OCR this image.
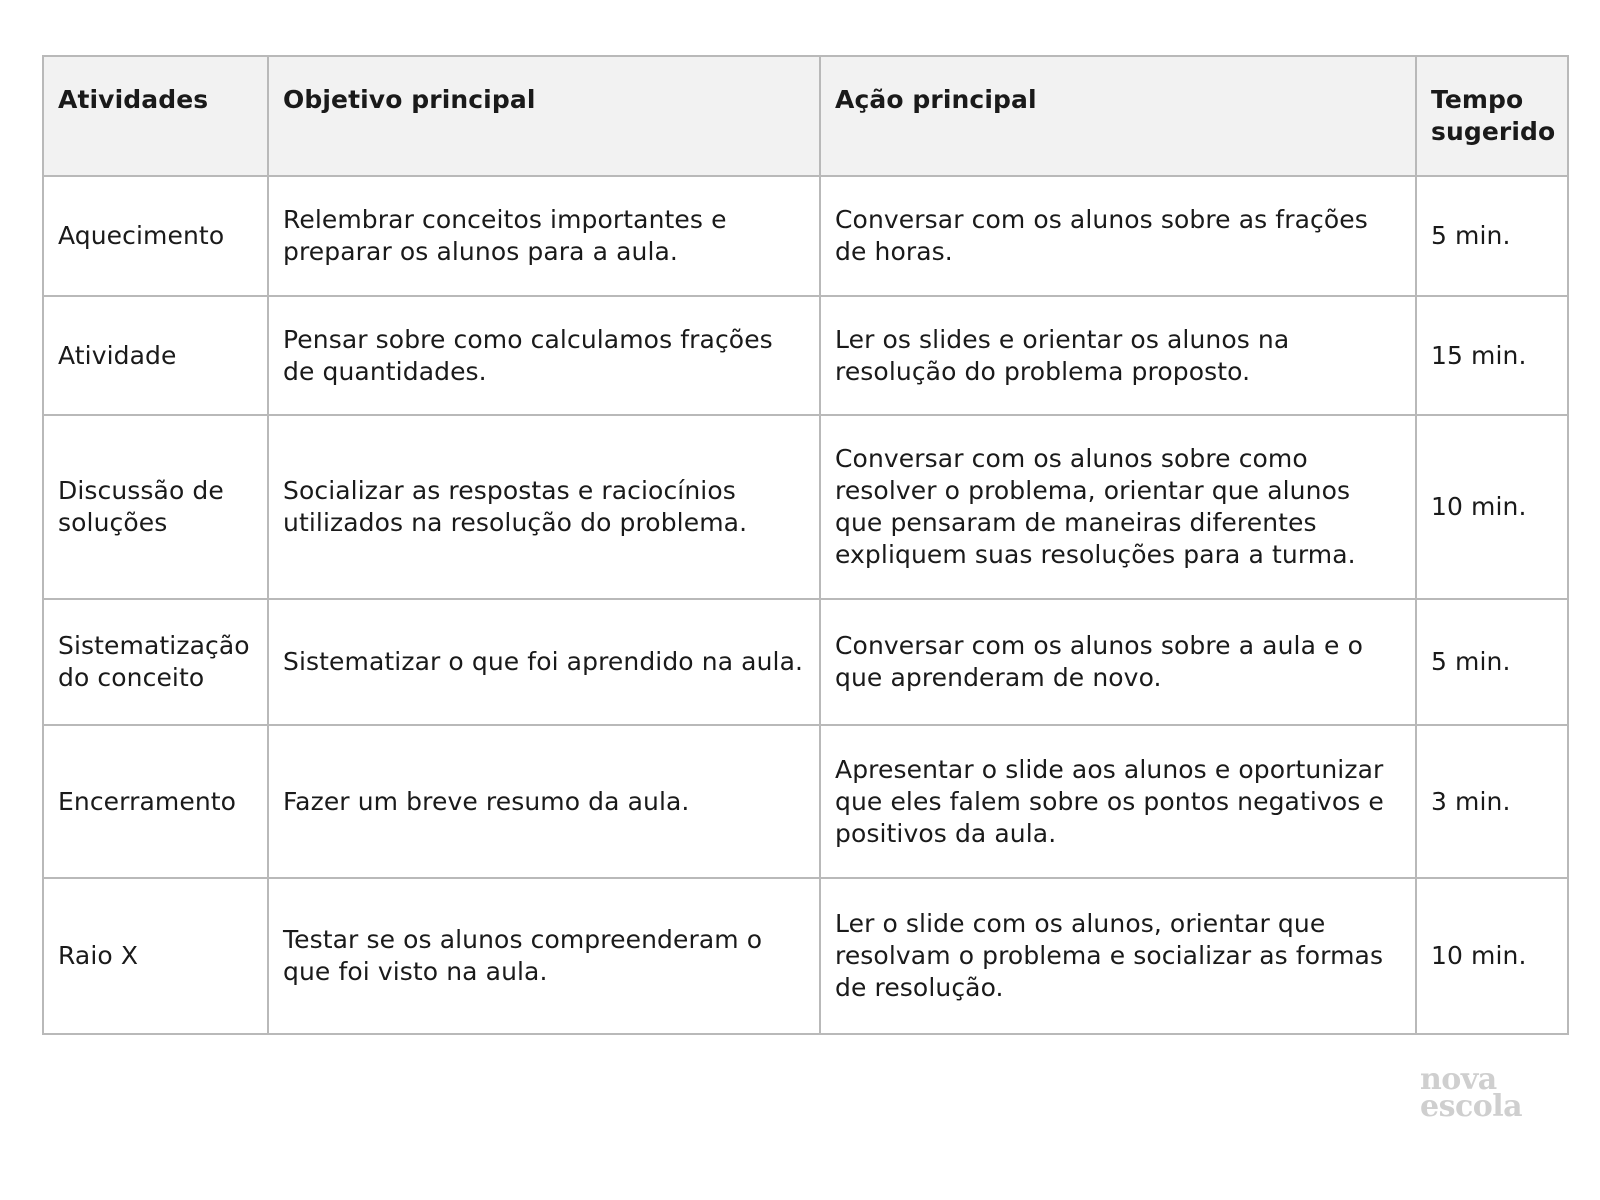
Atividades	Objetivo principal	Ação principal	Tempo sugerido
Aquecimento	Relembrar conceitos importantes e preparar os alunos para a aula.	Conversar com os alunos sobre as frações de horas.	5 min.
Atividade	Pensar sobre como calculamos frações de quantidades.	Ler os slides e orientar os alunos na resolução do problema proposto.	15 min.
Discussão de soluções	Socializar as respostas e raciocínios utilizados na resolução do problema.	Conversar com os alunos sobre como resolver o problema, orientar que alunos que pensaram de maneiras diferentes expliquem suas resoluções para a turma.	10 min.
Sistematização do conceito	Sistematizar o que foi aprendido na aula.	Conversar com os alunos sobre a aula e o que aprenderam de novo.	5 min.
Encerramento	Fazer um breve resumo da aula.	Apresentar o slide aos alunos e oportunizar que eles falem sobre os pontos negativos e positivos da aula.	3 min.
Raio X	Testar se os alunos compreenderam o que foi visto na aula.	Ler o slide com os alunos, orientar que resolvam o problema e socializar as formas de resolução.	10 min.
nova
escola
